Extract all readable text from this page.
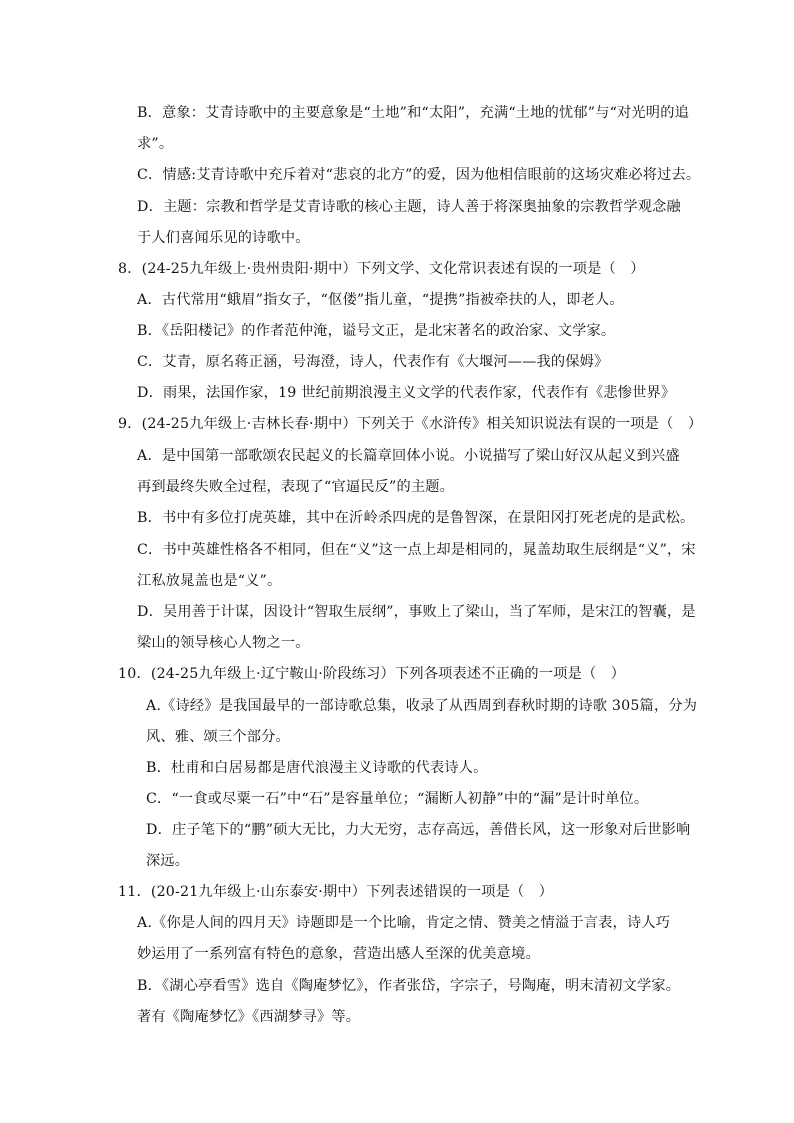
B．意象：艾青诗歌中的主要意象是“土地”和“太阳”，充满“土地的忧郁”与“对光明的追
求”。
C．情感:艾青诗歌中充斥着对“悲哀的北方”的爱，因为他相信眼前的这场灾难必将过去。
D．主题：宗教和哲学是艾青诗歌的核心主题，诗人善于将深奥抽象的宗教哲学观念融
于人们喜闻乐见的诗歌中。
8．(24-25九年级上·贵州贵阳·期中）下列文学、文化常识表述有误的一项是（　）
A．古代常用“蛾眉”指女子，“伛偻”指儿童，“提携”指被牵扶的人，即老人。
B．《岳阳楼记》的作者范仲淹，谥号文正，是北宋著名的政治家、文学家。
C．艾青，原名蒋正涵，号海澄，诗人，代表作有《大堰河——我的保姆》
D．雨果，法国作家，19 世纪前期浪漫主义文学的代表作家，代表作有《悲惨世界》
9．(24-25九年级上·吉林长春·期中）下列关于《水浒传》相关知识说法有误的一项是（　）
A．是中国第一部歌颂农民起义的长篇章回体小说。小说描写了梁山好汉从起义到兴盛
再到最终失败全过程，表现了“官逼民反”的主题。
B．书中有多位打虎英雄，其中在沂岭杀四虎的是鲁智深，在景阳冈打死老虎的是武松。
C．书中英雄性格各不相同，但在“义”这一点上却是相同的，晁盖劫取生辰纲是“义”，宋
江私放晁盖也是“义”。
D．吴用善于计谋，因设计“智取生辰纲”，事败上了梁山，当了军师，是宋江的智囊，是
梁山的领导核心人物之一。
10．(24-25九年级上·辽宁鞍山·阶段练习）下列各项表述不正确的一项是（　）
A.《诗经》是我国最早的一部诗歌总集，收录了从西周到春秋时期的诗歌 305篇，分为
风、雅、颂三个部分。
B．杜甫和白居易都是唐代浪漫主义诗歌的代表诗人。
C．“一食或尽粟一石”中“石”是容量单位；“漏断人初静”中的“漏”是计时单位。
D．庄子笔下的“鹏”硕大无比，力大无穷，志存高远，善借长风，这一形象对后世影响
深远。
11．(20-21九年级上·山东泰安·期中）下列表述错误的一项是（　）
A.《你是人间的四月天》诗题即是一个比喻，肯定之情、赞美之情溢于言表，诗人巧
妙运用了一系列富有特色的意象，营造出感人至深的优美意境。
B．《湖心亭看雪》选自《陶庵梦忆》，作者张岱，字宗子，号陶庵，明末清初文学家。
著有《陶庵梦忆》《西湖梦寻》等。
